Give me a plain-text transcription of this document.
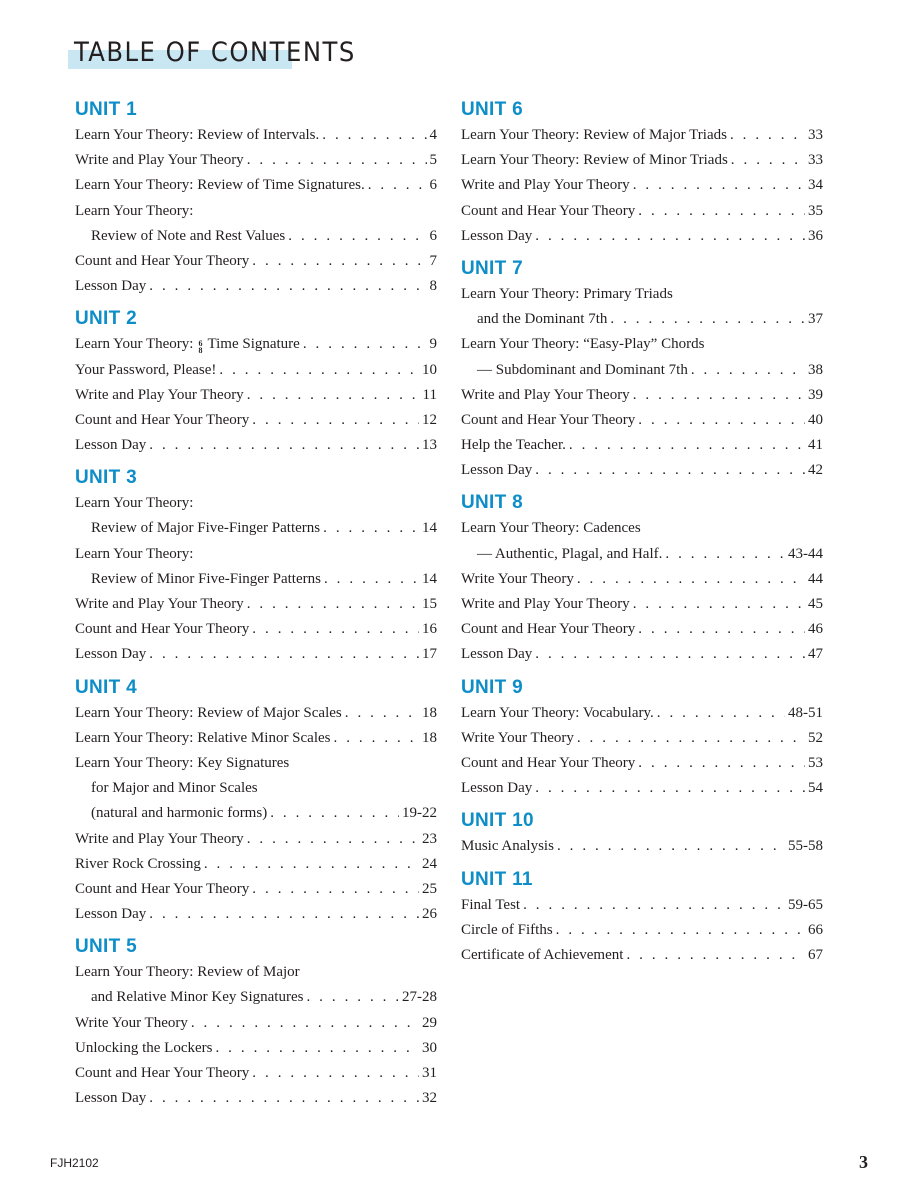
TABLE OF CONTENTS
UNIT 1
Learn Your Theory: Review of Intervals. . . .	4
Write and Play Your Theory . . .	5
Learn Your Theory: Review of Time Signatures. . . .	6
Learn Your Theory:
Review of Note and Rest Values . . .	6
Count and Hear Your Theory . . .	7
Lesson Day . . .	8
UNIT 2
Learn Your Theory: 6
8 Time Signature . . .	9
Your Password, Please! . . .	10
Write and Play Your Theory . . .	11
Count and Hear Your Theory . . .	12
Lesson Day . . .	13
UNIT 3
Learn Your Theory:
Review of Major Five-Finger Patterns . . .	14
Learn Your Theory:
Review of Minor Five-Finger Patterns . . .	14
Write and Play Your Theory . . .	15
Count and Hear Your Theory . . .	16
Lesson Day . . .	17
UNIT 4
Learn Your Theory: Review of Major Scales . . .	18
Learn Your Theory: Relative Minor Scales . . .	18
Learn Your Theory: Key Signatures
for Major and Minor Scales
(natural and harmonic forms) . . .	19-22
Write and Play Your Theory . . .	23
River Rock Crossing . . .	24
Count and Hear Your Theory . . .	25
Lesson Day . . .	26
UNIT 5
Learn Your Theory: Review of Major
and Relative Minor Key Signatures . . .	27-28
Write Your Theory . . .	29
Unlocking the Lockers . . .	30
Count and Hear Your Theory . . .	31
Lesson Day . . .	32
UNIT 6
Learn Your Theory: Review of Major Triads . . .	33
Learn Your Theory: Review of Minor Triads . . .	33
Write and Play Your Theory . . .	34
Count and Hear Your Theory . . .	35
Lesson Day . . .	36
UNIT 7
Learn Your Theory: Primary Triads
and the Dominant 7th . . .	37
Learn Your Theory: “Easy-Play” Chords
— Subdominant and Dominant 7th . . .	38
Write and Play Your Theory . . .	39
Count and Hear Your Theory . . .	40
Help the Teacher. . . .	41
Lesson Day . . .	42
UNIT 8
Learn Your Theory: Cadences
— Authentic, Plagal, and Half. . . .	43-44
Write Your Theory . . .	44
Write and Play Your Theory . . .	45
Count and Hear Your Theory . . .	46
Lesson Day . . .	47
UNIT 9
Learn Your Theory: Vocabulary. . . .	48-51
Write Your Theory . . .	52
Count and Hear Your Theory . . .	53
Lesson Day . . .	54
UNIT 10
Music Analysis . . .	55-58
UNIT 11
Final Test . . .	59-65
Circle of Fifths . . .	66
Certificate of Achievement . . .	67
FJH2102	3
